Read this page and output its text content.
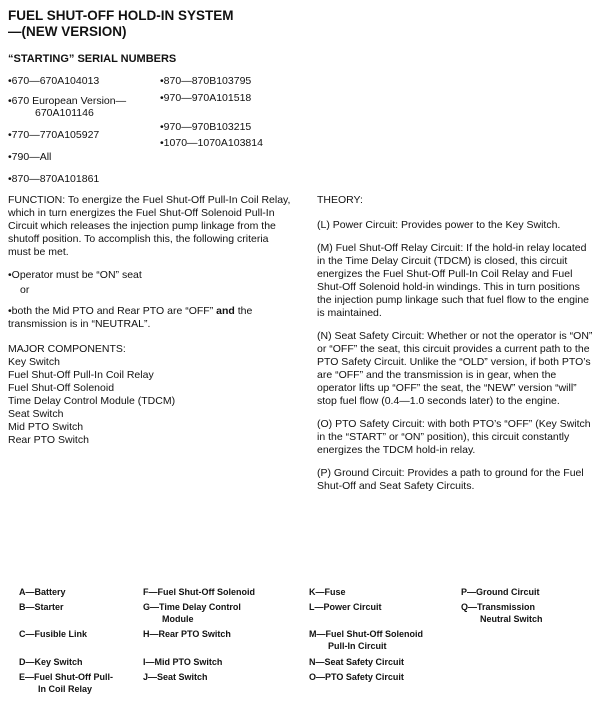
FUEL SHUT-OFF HOLD-IN SYSTEM
—(NEW VERSION)
“STARTING” SERIAL NUMBERS
•670—670A104013
•670 European Version—
670A101146
•770—770A105927
•790—All
•870—870A101861
•870—870B103795
•970—970A101518
•970—970B103215
•1070—1070A103814

FUNCTION: To energize the Fuel Shut-Off Pull-In Coil Relay, which in turn energizes the Fuel Shut-Off Solenoid Pull-In Circuit which releases the injection pump linkage from the shutoff position. To accomplish this, the following criteria must be met.

•Operator must be “ON” seat
or

•both the Mid PTO and Rear PTO are “OFF” and the transmission is in “NEUTRAL”.

MAJOR COMPONENTS:
Key Switch
Fuel Shut-Off Pull-In Coil Relay
Fuel Shut-Off Solenoid
Time Delay Control Module (TDCM)
Seat Switch
Mid PTO Switch
Rear PTO Switch

THEORY:

(L) Power Circuit: Provides power to the Key Switch.

(M) Fuel Shut-Off Relay Circuit: If the hold-in relay located in the Time Delay Circuit (TDCM) is closed, this circuit energizes the Fuel Shut-Off Pull-In Coil Relay and Fuel Shut-Off Solenoid hold-in windings. This in turn positions the injection pump linkage such that fuel flow to the engine is maintained.

(N) Seat Safety Circuit: Whether or not the operator is “ON” or “OFF” the seat, this circuit provides a current path to the PTO Safety Circuit. Unlike the “OLD” version, if both PTO’s are “OFF” and the transmission is in gear, when the operator lifts up “OFF” the seat, the “NEW” version “will” stop fuel flow (0.4—1.0 seconds later) to the engine.

(O) PTO Safety Circuit: with both PTO’s “OFF” (Key Switch in the “START” or “ON” position), this circuit constantly energizes the TDCM hold-in relay.

(P) Ground Circuit: Provides a path to ground for the Fuel Shut-Off and Seat Safety Circuits.

A—Battery
B—Starter
C—Fusible Link
D—Key Switch
E—Fuel Shut-Off Pull-
In Coil Relay
F—Fuel Shut-Off Solenoid
G—Time Delay Control
Module
H—Rear PTO Switch
I—Mid PTO Switch
J—Seat Switch
K—Fuse
L—Power Circuit
M—Fuel Shut-Off Solenoid
Pull-In Circuit
N—Seat Safety Circuit
O—PTO Safety Circuit
P—Ground Circuit
Q—Transmission
Neutral Switch
